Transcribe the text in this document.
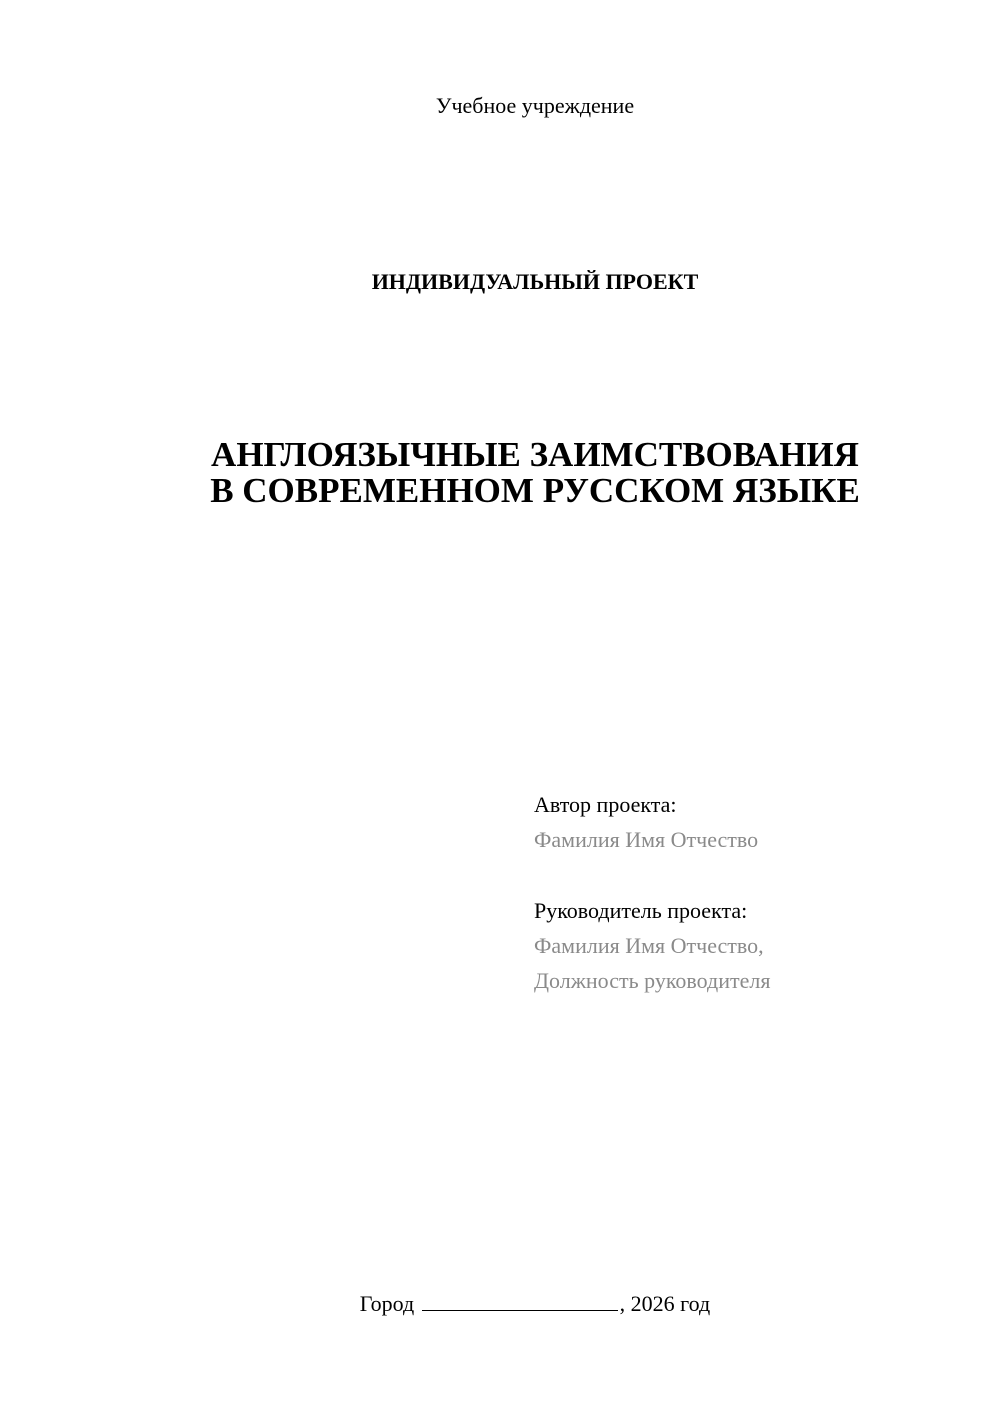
Учебное учреждение
ИНДИВИДУАЛЬНЫЙ ПРОЕКТ
АНГЛОЯЗЫЧНЫЕ ЗАИМСТВОВАНИЯ
В СОВРЕМЕННОМ РУССКОМ ЯЗЫКЕ
Автор проекта:
Фамилия Имя Отчество
Руководитель проекта:
Фамилия Имя Отчество,
Должность руководителя
Город	, 2026 год
